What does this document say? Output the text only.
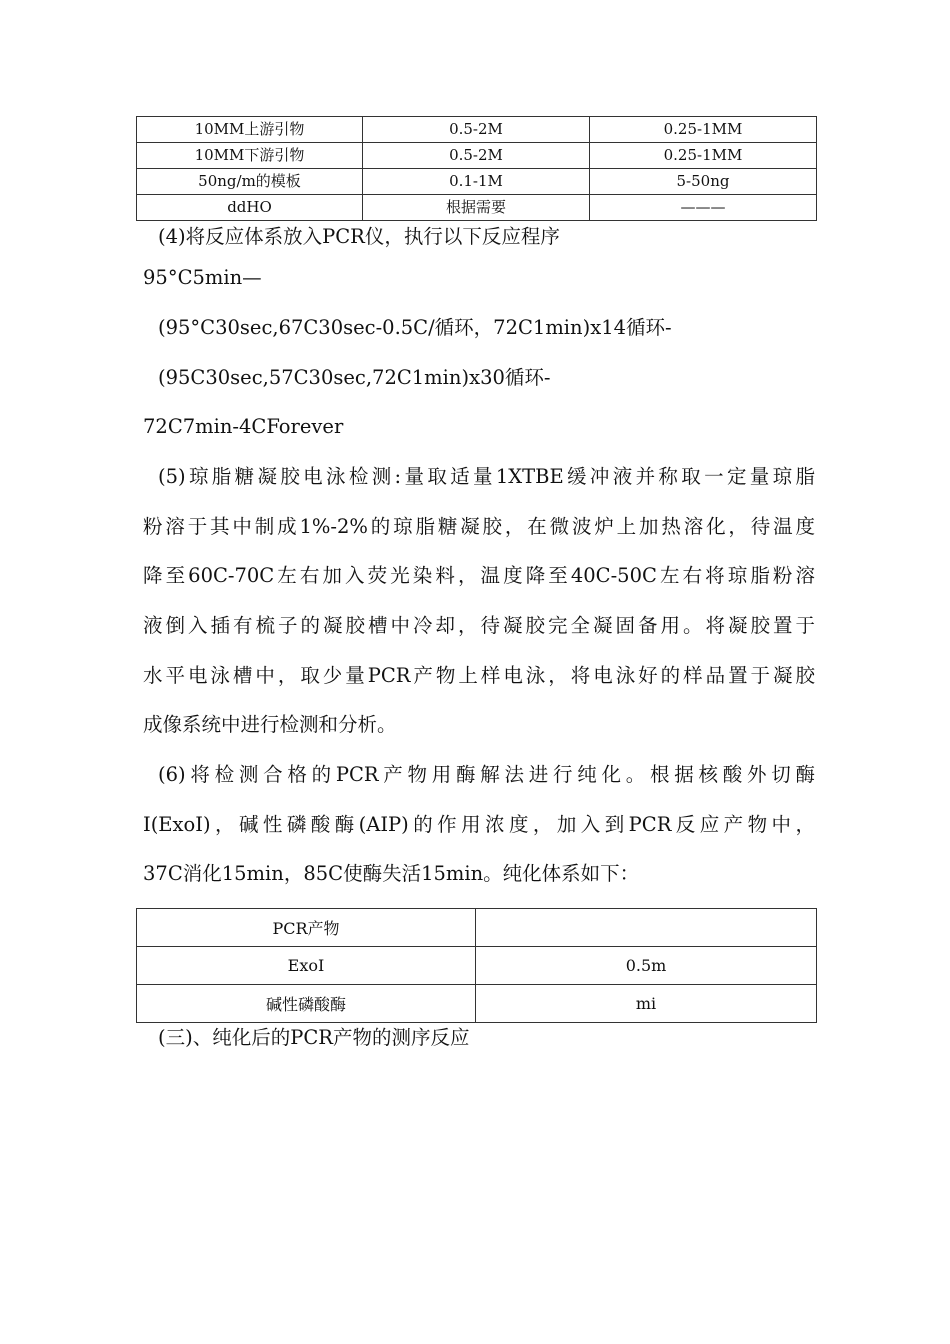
10MM上游引物	0.5-2M	0.25-1MM
10MM下游引物	0.5-2M	0.25-1MM
50ng/m的模板	0.1-1M	5-50ng
ddHO	根据需要	———
(4)将反应体系放入PCR仪，执行以下反应程序
95°C5min—
(95°C30sec,67C30sec-0.5C/循环，72C1min)x14循环-
(95C30sec,57C30sec,72C1min)x30循环-
72C7min-4CForever
(5)琼脂糖凝胶电泳检测:量取适量1XTBE缓冲液并称取一定量琼脂
粉溶于其中制成1%-2%的琼脂糖凝胶，在微波炉上加热溶化，待温度
降至60C-70C左右加入荧光染料，温度降至40C-50C左右将琼脂粉溶
液倒入插有梳子的凝胶槽中冷却，待凝胶完全凝固备用。将凝胶置于
水平电泳槽中，取少量PCR产物上样电泳，将电泳好的样品置于凝胶
成像系统中进行检测和分析。
(6)将检测合格的PCR产物用酶解法进行纯化。根据核酸外切酶
I(ExoI)，碱性磷酸酶(AIP)的作用浓度，加入到PCR反应产物中，
37C消化15min，85C使酶失活15min。纯化体系如下：
PCR产物	
ExoI	0.5m
碱性磷酸酶	mi
(三)、纯化后的PCR产物的测序反应
